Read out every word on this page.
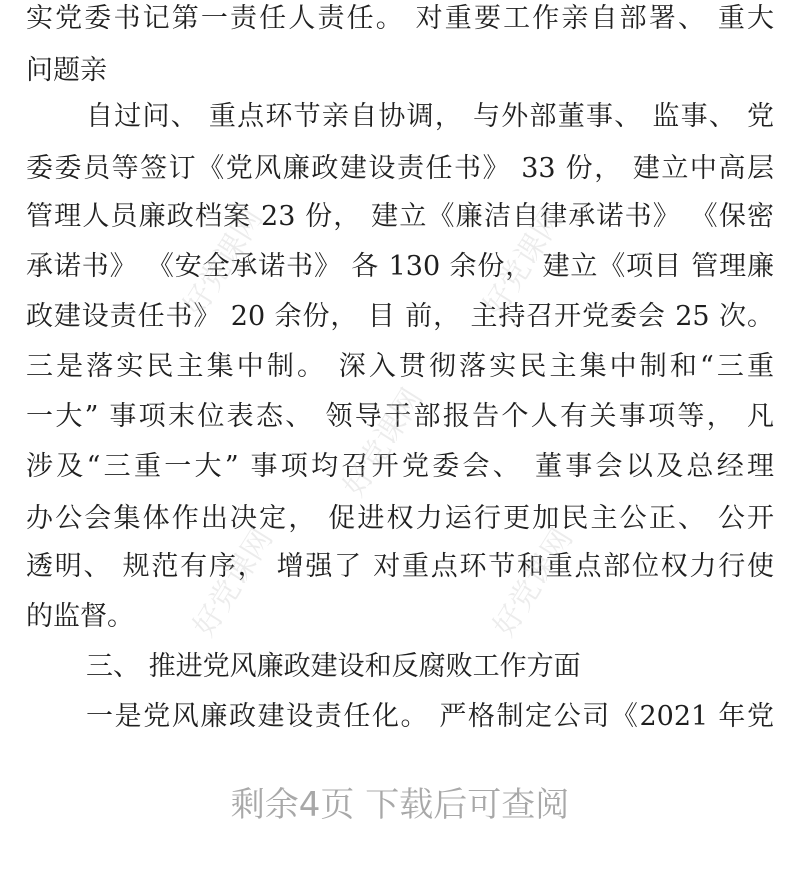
实党委书记第一责任人责任。 对重要工作亲自部署、 重大
问题亲
自过问、 重点环节亲自协调， 与外部董事、 监事、 党
委委员等签订《党风廉政建设责任书》 33 份， 建立中高层
管理人员廉政档案 23 份， 建立《廉洁自律承诺书》 《保密
承诺书》 《安全承诺书》 各 130 余份， 建立《项目 管理廉
政建设责任书》 20 余份， 目 前， 主持召开党委会 25 次。
三是落实民主集中制。 深入贯彻落实民主集中制和“三重
一大” 事项末位表态、 领导干部报告个人有关事项等， 凡
涉及“三重一大” 事项均召开党委会、 董事会以及总经理
办公会集体作出决定， 促进权力运行更加民主公正、 公开
透明、 规范有序， 增强了 对重点环节和重点部位权力行使
的监督。
三、 推进党风廉政建设和反腐败工作方面
一是党风廉政建设责任化。 严格制定公司《2021 年党
好党课网
好党课网
好党课网
好党课网	好党课网
剩余4页 下载后可查阅
